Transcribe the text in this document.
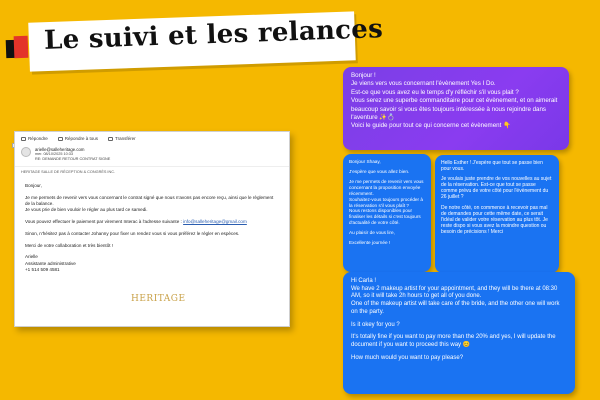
Le suivi et les relances
Répondre	Répondre à tous	Transférer
arielle@salleheritage.com
mer. 08/10/2025 10:33
RE: DEMANDE RETOUR CONTRAT SIGNE
HERITAGE SALLE DE RÉCEPTION & CONGRÈS INC.

Bonjour,

Je me permets de revenir vers vous concernant le contrat signé que nous n'avons pas encore reçu, ainsi que le règlement de la balance.
Je vous prie de bien vouloir le régler au plus tard ce samedi.

Vous pouvez effectuer le paiement par virement Interac à l'adresse suivante : info@salleheritage@gmail.com

Sinon, n'hésitez pas à contacter Johanny pour fixer un rendez vous si vous préférez le régler en espèces.

Merci de votre collaboration et très bientôt !

Arielle
Assistante administrative
+1 514 509 4581
HERITAGE
Bonjour !
Je viens vers vous concernant l'évènement Yes I Do.
Est-ce que vous avez eu le temps d'y réfléchir s'il vous plait ?
Vous serez une superbe commanditaire pour cet évènement, et on aimerait beaucoup savoir si vous êtes toujours intéressée à nous rejoindre dans l'aventure ✨💍
Voici le guide pour tout ce qui concerne cet évènement 👇

Bonjour Shaay,

J'espère que vous allez bien.

Je me permets de revenir vers vous concernant la proposition envoyée récemment.
Souhaitez-vous toujours procéder à la réservation s'il vous plaît ?
Nous restons disponibles pour finaliser les détails si c'est toujours d'actualité de votre côté.

Au plaisir de vous lire,

Excellente journée !

Hello Esther ! J'espère que tout se passe bien pour vous.

Je voulais juste prendre de vos nouvelles au sujet de la réservation. Est-ce que tout se passe comme prévu de votre côté pour l'évènement du 26 juillet ?

De notre côté, on commence à recevoir pas mal de demandes pour cette même date, ce serait l'idéal de valider votre réservation au plus tôt. Je reste dispo si vous avez la moindre question ou besoin de précisions ! Merci

Hi Carla !

We have 2 makeup artist for your appointment, and they will be there at 08:30 AM, so it will take 2h hours to get all of you done.
One of the makeup artist will take care of the bride, and the other one will work on the party.

Is it okey for you ?

It's totally fine if you want to pay more than the 20% and yes, I will update the document if you want to proceed this way 😊

How much would you want to pay please?
